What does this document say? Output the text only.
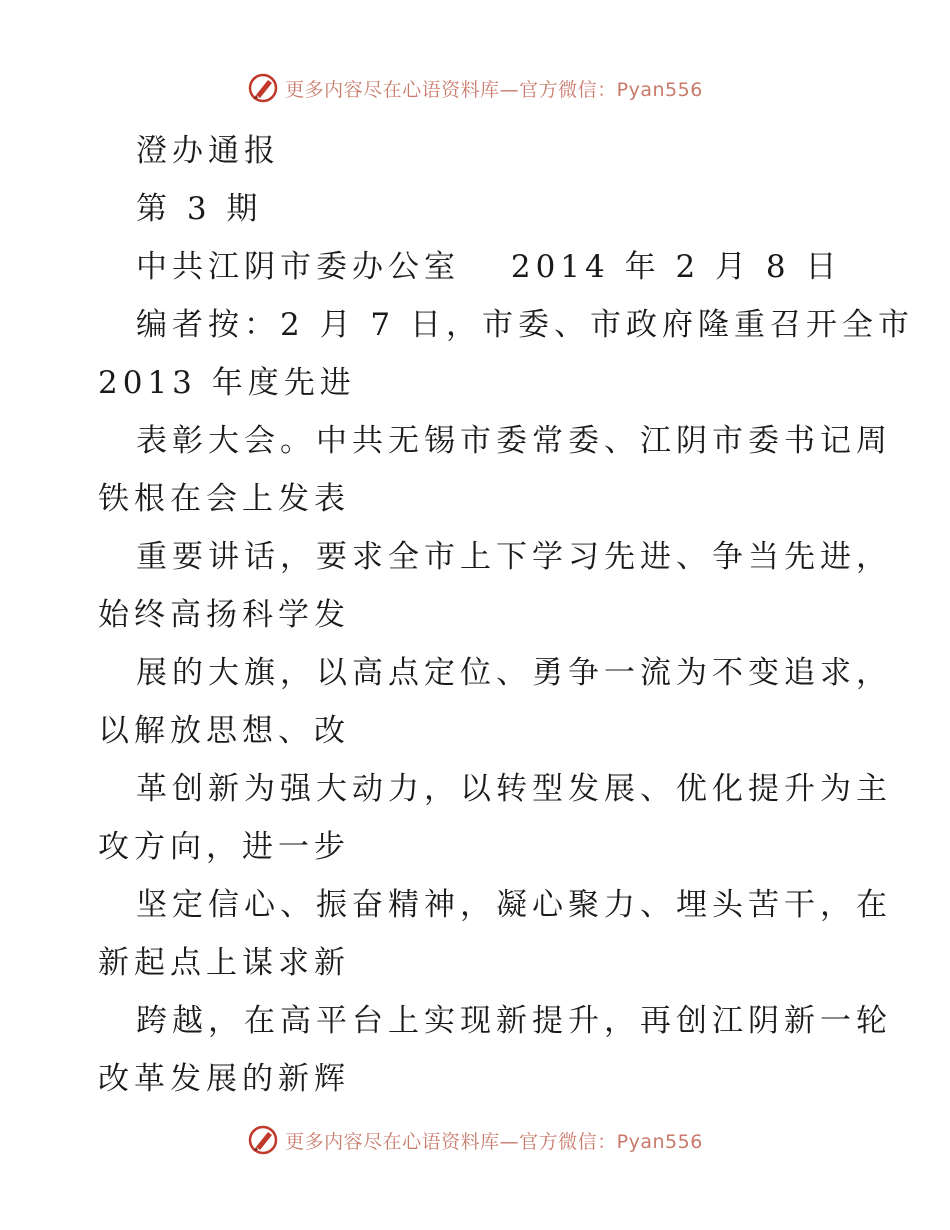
更多内容尽在心语资料库—官方微信：Pyan556
澄办通报
第 3 期
中共江阴市委办公室　 2014 年 2 月 8 日
编者按：2 月 7 日，市委、市政府隆重召开全市
2013 年度先进
表彰大会。中共无锡市委常委、江阴市委书记周
铁根在会上发表
重要讲话，要求全市上下学习先进、争当先进，
始终高扬科学发
展的大旗，以高点定位、勇争一流为不变追求，
以解放思想、改
革创新为强大动力，以转型发展、优化提升为主
攻方向，进一步
坚定信心、振奋精神，凝心聚力、埋头苦干，在
新起点上谋求新
跨越，在高平台上实现新提升，再创江阴新一轮
改革发展的新辉
更多内容尽在心语资料库—官方微信：Pyan556
